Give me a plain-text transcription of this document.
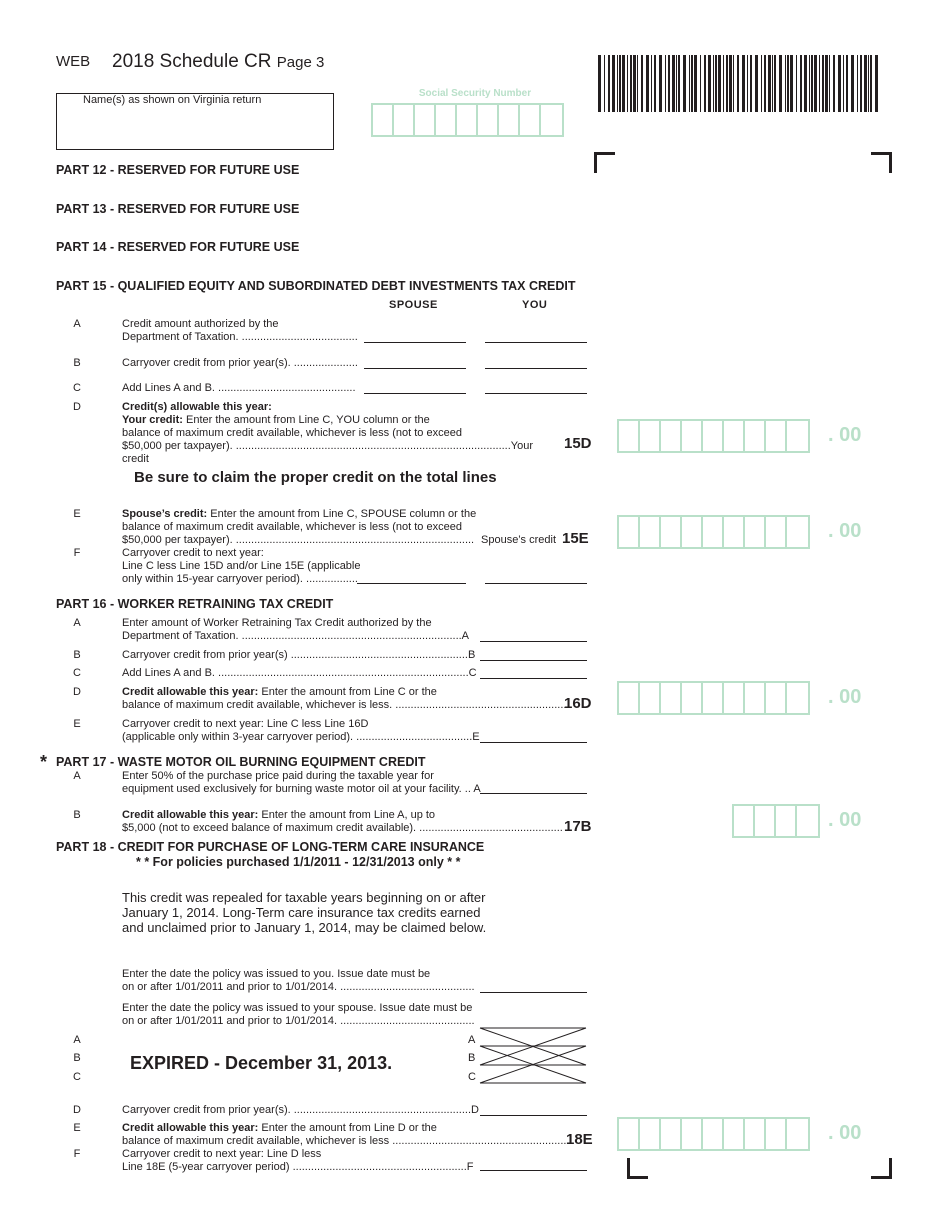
WEB 2018 Schedule CR Page 3
Name(s) as shown on Virginia return
Social Security Number
PART 12 - RESERVED FOR FUTURE USE
PART 13 - RESERVED FOR FUTURE USE
PART 14 - RESERVED FOR FUTURE USE
PART 15 - QUALIFIED EQUITY AND SUBORDINATED DEBT INVESTMENTS TAX CREDIT
SPOUSE	YOU
A	Credit amount authorized by the
Department of Taxation. ......................................
B	Carryover credit from prior year(s). .....................
C	Add Lines A and B. .............................................
D	Credit(s) allowable this year:
Your credit: Enter the amount from Line C, YOU column or the
balance of maximum credit available, whichever is less (not to exceed
$50,000 per taxpayer). ..........................................................................................Your credit
15D	. 00
Be sure to claim the proper credit on the total lines
E	Spouse’s credit: Enter the amount from Line C, SPOUSE column or the
balance of maximum credit available, whichever is less (not to exceed
$50,000 per taxpayer). .............................................................................. Spouse’s credit 15E	. 00
F	Carryover credit to next year:
Line C less Line 15D and/or Line 15E (applicable
only within 15-year carryover period). .................
PART 16 - WORKER RETRAINING TAX CREDIT
A	Enter amount of Worker Retraining Tax Credit authorized by the
Department of Taxation. ........................................................................A
B	Carryover credit from prior year(s) ..........................................................B
C	Add Lines A and B. ..................................................................................C
D	Credit allowable this year: Enter the amount from Line C or the
balance of maximum credit available, whichever is less. ........................................................
16D	. 00
E	Carryover credit to next year: Line C less Line 16D
(applicable only within 3-year carryover period). ......................................E
* PART 17 - WASTE MOTOR OIL BURNING EQUIPMENT CREDIT
A	Enter 50% of the purchase price paid during the taxable year for
equipment used exclusively for burning waste motor oil at your facility. .. A
B	Credit allowable this year: Enter the amount from Line A, up to
$5,000 (not to exceed balance of maximum credit available). ............................................... 17B	. 00
PART 18 - CREDIT FOR PURCHASE OF LONG-TERM CARE INSURANCE
* * For policies purchased 1/1/2011 - 12/31/2013 only * *
This credit was repealed for taxable years beginning on or after
January 1, 2014. Long-Term care insurance tax credits earned
and unclaimed prior to January 1, 2014, may be claimed below.
Enter the date the policy was issued to you. Issue date must be
on or after 1/01/2011 and prior to 1/01/2014. ............................................
Enter the date the policy was issued to your spouse. Issue date must be
on or after 1/01/2011 and prior to 1/01/2014. ............................................
A
B
C
EXPIRED - December 31, 2013.
A
B
C
D	Carryover credit from prior year(s). ..........................................................D
E	Credit allowable this year: Enter the amount from Line D or the
balance of maximum credit available, whichever is less ......................................................... 18E	. 00
F	Carryover credit to next year: Line D less
Line 18E (5-year carryover period) .........................................................F
